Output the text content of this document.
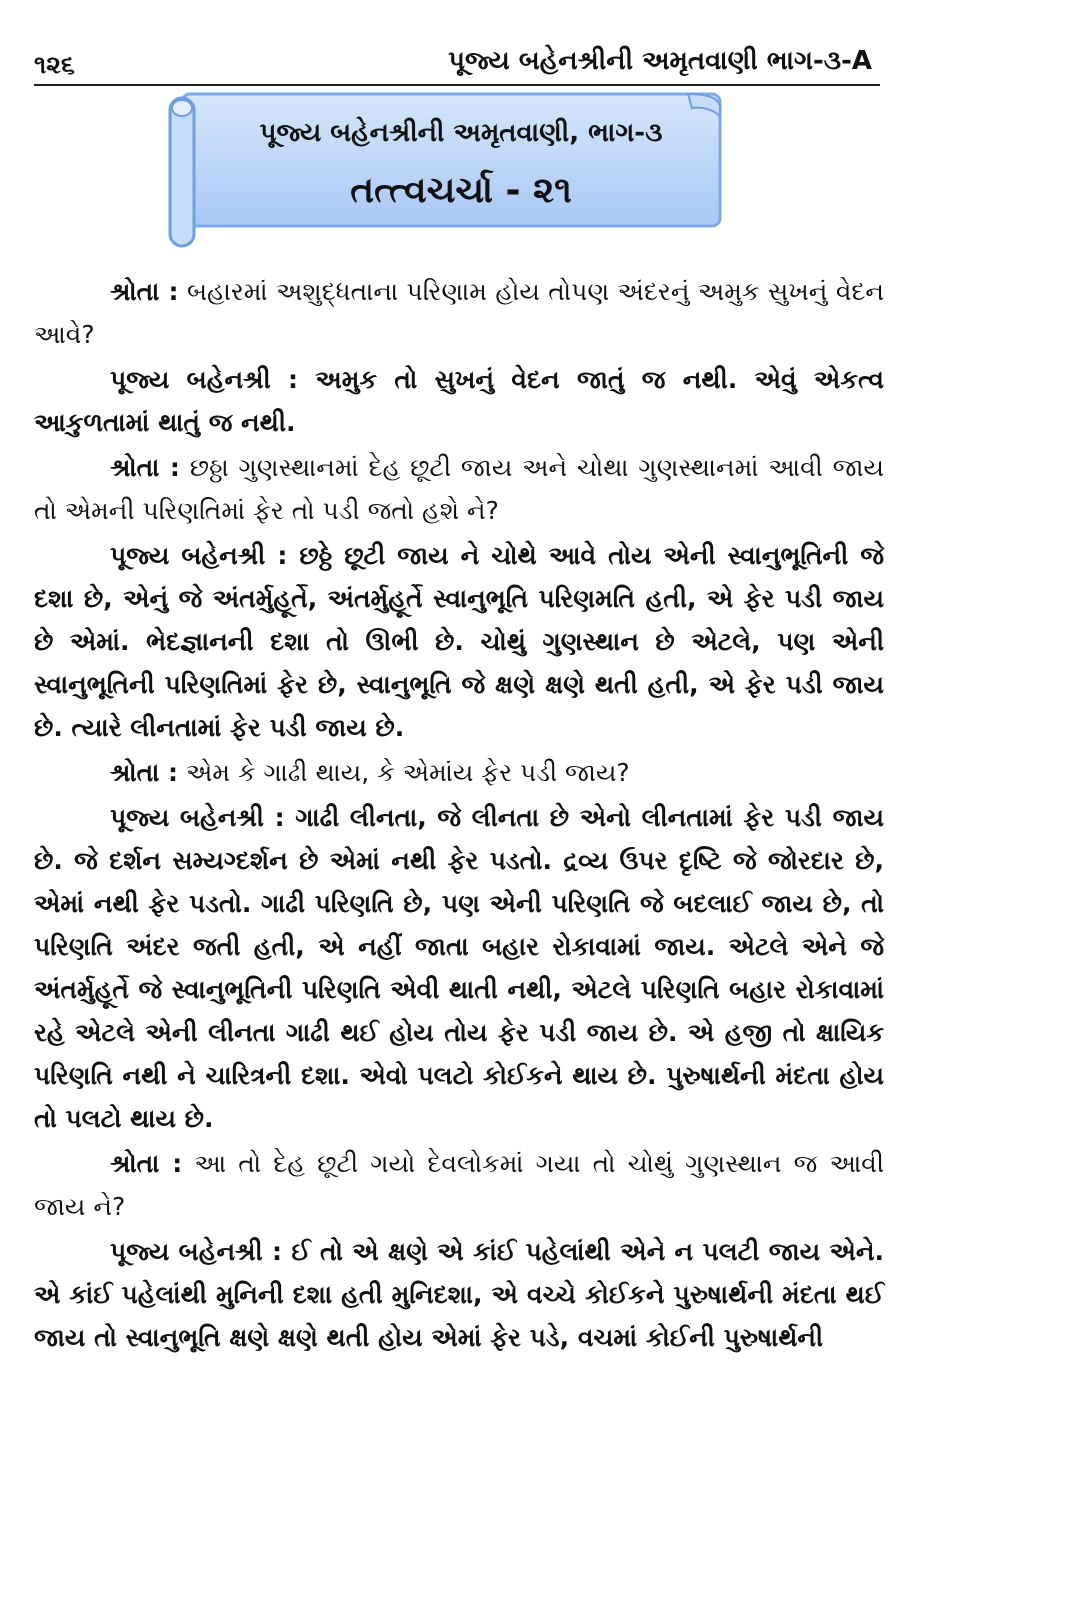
૧૨૬	પૂજ્ય બહેનશ્રીની અમૃતવાણી ભાગ-૩-A
પૂજ્ય બહેનશ્રીની અમૃતવાણી, ભાગ-૩
તત્ત્વચર્ચા - ૨૧

શ્રોતા : બહારમાં અશુદ્ધતાના પરિણામ હોય તોપણ અંદરનું અમુક સુખનું વેદન આવે?

પૂજ્ય બહેનશ્રી : અમુક તો સુખનું વેદન જાતું જ નથી. એવું એકત્વ આકુળતામાં થાતું જ નથી.

શ્રોતા : છઠ્ઠા ગુણસ્થાનમાં દેહ છૂટી જાય અને ચોથા ગુણસ્થાનમાં આવી જાય તો એમની પરિણતિમાં ફેર તો પડી જતો હશે ને?

પૂજ્ય બહેનશ્રી : છઠ્ઠે છૂટી જાય ને ચોથે આવે તોય એની સ્વાનુભૂતિની જે દશા છે, એનું જે અંતર્મુહૂર્તે, અંતર્મુહૂર્તે સ્વાનુભૂતિ પરિણમતિ હતી, એ ફેર પડી જાય છે એમાં. ભેદજ્ઞાનની દશા તો ઊભી છે. ચોથું ગુણસ્થાન છે એટલે, પણ એની સ્વાનુભૂતિની પરિણતિમાં ફેર છે, સ્વાનુભૂતિ જે ક્ષણે ક્ષણે થતી હતી, એ ફેર પડી જાય છે. ત્યારે લીનતામાં ફેર પડી જાય છે.

શ્રોતા : એમ કે ગાઢી થાય, કે એમાંય ફેર પડી જાય?

પૂજ્ય બહેનશ્રી : ગાઢી લીનતા, જે લીનતા છે એનો લીનતામાં ફેર પડી જાય છે. જે દર્શન સમ્યગ્દર્શન છે એમાં નથી ફેર પડતો. દ્રવ્ય ઉપર દૃષ્ટિ જે જોરદાર છે, એમાં નથી ફેર પડતો. ગાઢી પરિણતિ છે, પણ એની પરિણતિ જે બદલાઈ જાય છે, તો પરિણતિ અંદર જતી હતી, એ નહીં જાતા બહાર રોકાવામાં જાય. એટલે એને જે અંતર્મુહૂર્તે જે સ્વાનુભૂતિની પરિણતિ એવી થાતી નથી, એટલે પરિણતિ બહાર રોકાવામાં રહે એટલે એની લીનતા ગાઢી થઈ હોય તોય ફેર પડી જાય છે. એ હજી તો ક્ષાયિક પરિણતિ નથી ને ચારિત્રની દશા. એવો પલટો કોઈકને થાય છે. પુરુષાર્થની મંદતા હોય તો પલટો થાય છે.

શ્રોતા : આ તો દેહ છૂટી ગયો દેવલોકમાં ગયા તો ચોથું ગુણસ્થાન જ આવી જાય ને?

પૂજ્ય બહેનશ્રી : ઈ તો એ ક્ષણે એ કાંઈ પહેલાંથી એને ન પલટી જાય એને. એ કાંઈ પહેલાંથી મુનિની દશા હતી મુનિદશા, એ વચ્ચે કોઈકને પુરુષાર્થની મંદતા થઈ જાય તો સ્વાનુભૂતિ ક્ષણે ક્ષણે થતી હોય એમાં ફેર પડે, વચમાં કોઈની પુરુષાર્થની
